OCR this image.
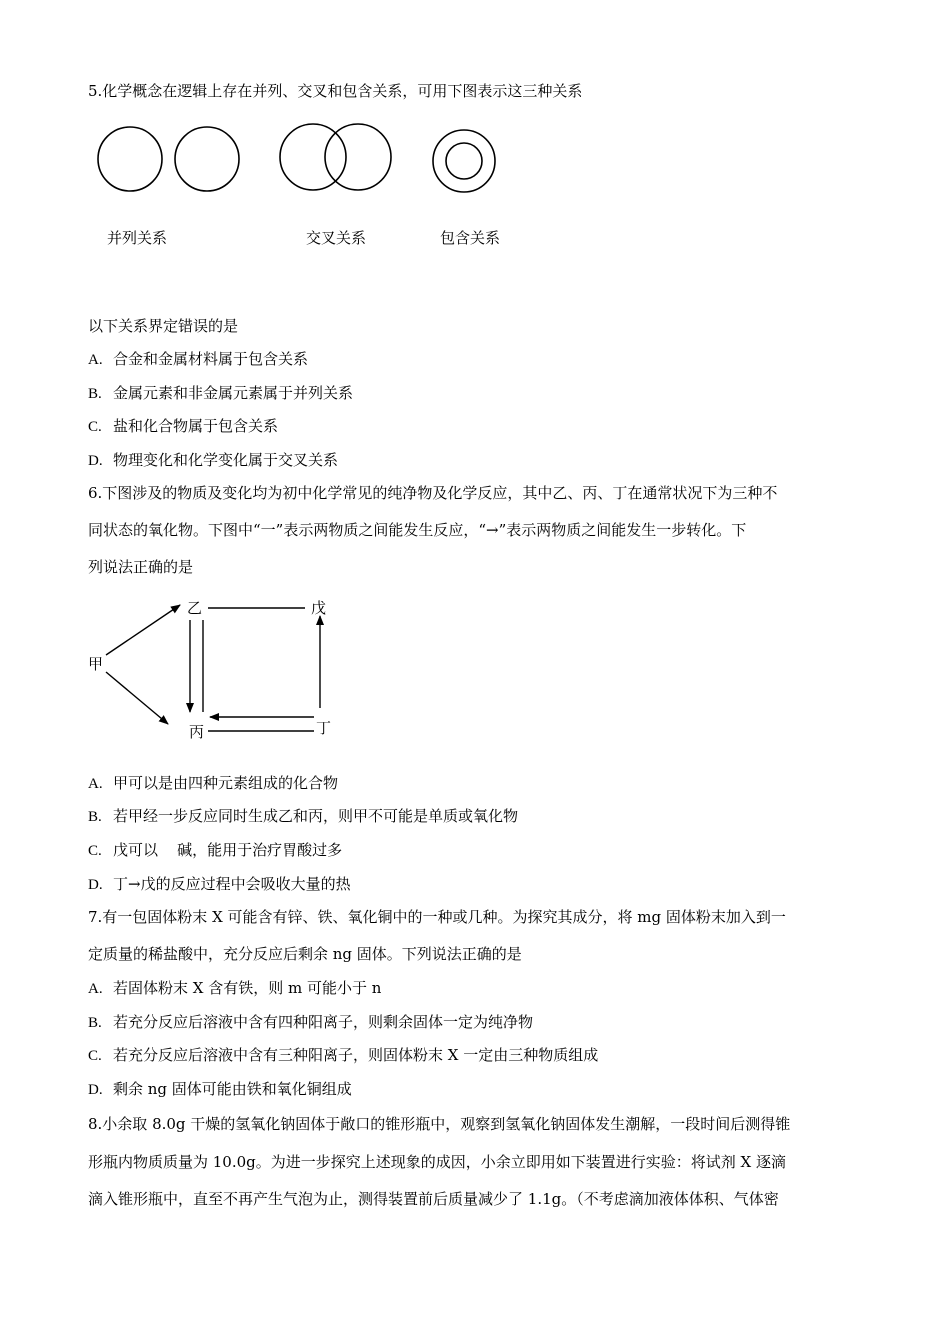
5.化学概念在逻辑上存在并列、交叉和包含关系，可用下图表示这三种关系
并列关系	交叉关系	包含关系
以下关系界定错误的是
A. 合金和金属材料属于包含关系
B. 金属元素和非金属元素属于并列关系
C. 盐和化合物属于包含关系
D. 物理变化和化学变化属于交叉关系
6.下图涉及的物质及变化均为初中化学常见的纯净物及化学反应，其中乙、丙、丁在通常状况下为三种不
同状态的氧化物。下图中“一”表示两物质之间能发生反应，“→”表示两物质之间能发生一步转化。下
列说法正确的是
甲
乙	戊
丙	丁
A. 甲可以是由四种元素组成的化合物
B. 若甲经一步反应同时生成乙和丙，则甲不可能是单质或氧化物
C. 戊可以    碱，能用于治疗胃酸过多
D. 丁→戊的反应过程中会吸收大量的热
7.有一包固体粉末 X 可能含有锌、铁、氧化铜中的一种或几种。为探究其成分，将 mg 固体粉末加入到一
定质量的稀盐酸中，充分反应后剩余 ng 固体。下列说法正确的是
A. 若固体粉末 X 含有铁，则 m 可能小于 n
B. 若充分反应后溶液中含有四种阳离子，则剩余固体一定为纯净物
C. 若充分反应后溶液中含有三种阳离子，则固体粉末 X 一定由三种物质组成
D. 剩余 ng 固体可能由铁和氧化铜组成
8.小余取 8.0g 干燥的氢氧化钠固体于敞口的锥形瓶中，观察到氢氧化钠固体发生潮解，一段时间后测得锥
形瓶内物质质量为 10.0g。为进一步探究上述现象的成因，小余立即用如下装置进行实验：将试剂 X 逐滴
滴入锥形瓶中，直至不再产生气泡为止，测得装置前后质量减少了 1.1g。（不考虑滴加液体体积、气体密
